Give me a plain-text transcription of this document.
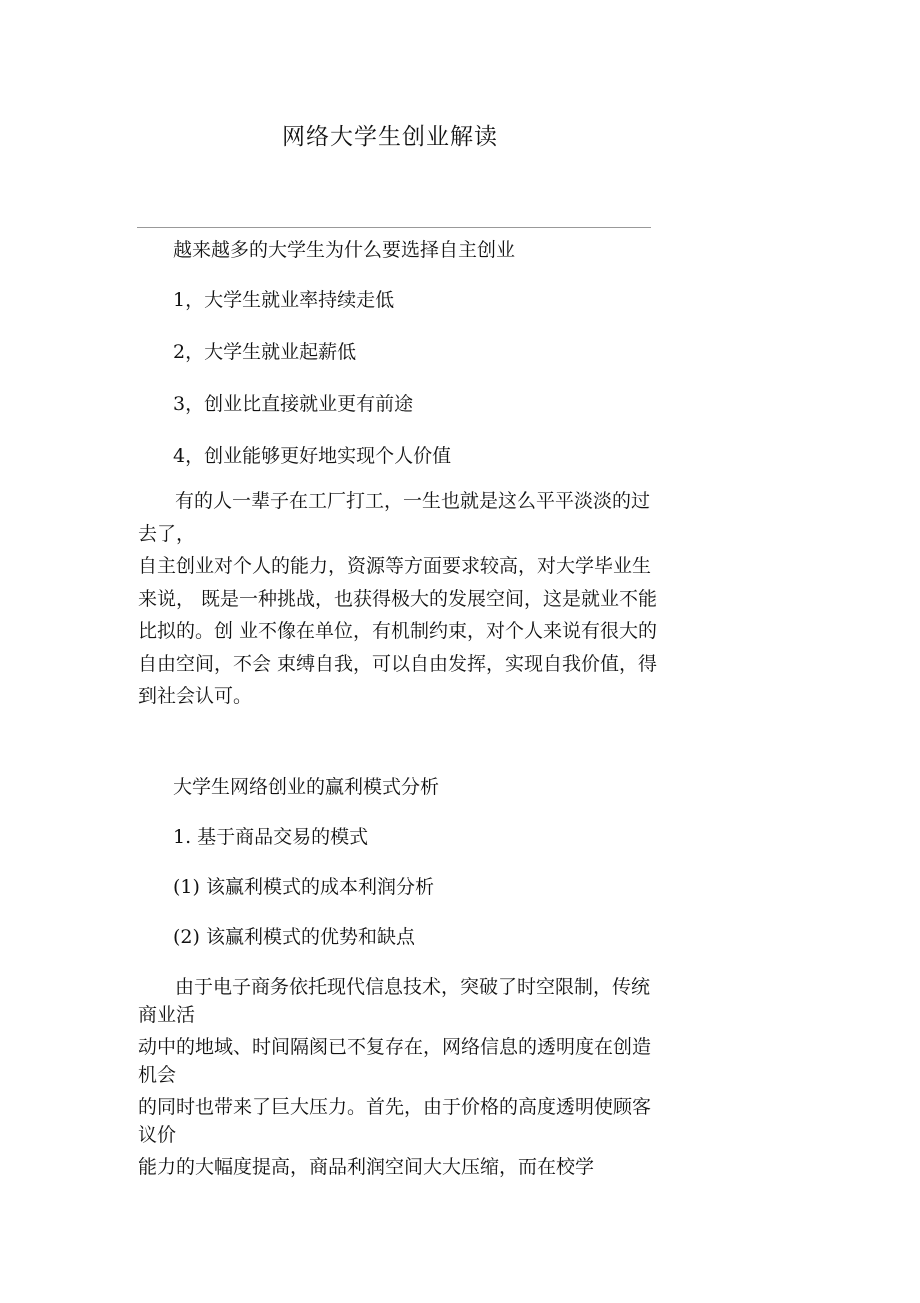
网络大学生创业解读
越来越多的大学生为什么要选择自主创业
1，大学生就业率持续走低
2，大学生就业起薪低
3，创业比直接就业更有前途
4，创业能够更好地实现个人价值
有的人一辈子在工厂打工，一生也就是这么平平淡淡的过去了，
自主创业对个人的能力，资源等方面要求较高，对大学毕业生来说， 既是一种挑战，也获得极大的发展空间，这是就业不能比拟的。创 业不像在单位，有机制约束，对个人来说有很大的自由空间，不会 束缚自我，可以自由发挥，实现自我价值，得到社会认可。
大学生网络创业的赢利模式分析
1. 基于商品交易的模式
(1) 该赢利模式的成本利润分析
(2) 该赢利模式的优势和缺点
由于电子商务依托现代信息技术，突破了时空限制，传统商业活
动中的地域、时间隔阂已不复存在，网络信息的透明度在创造机会
的同时也带来了巨大压力。首先，由于价格的高度透明使顾客议价
能力的大幅度提高，商品利润空间大大压缩，而在校学
